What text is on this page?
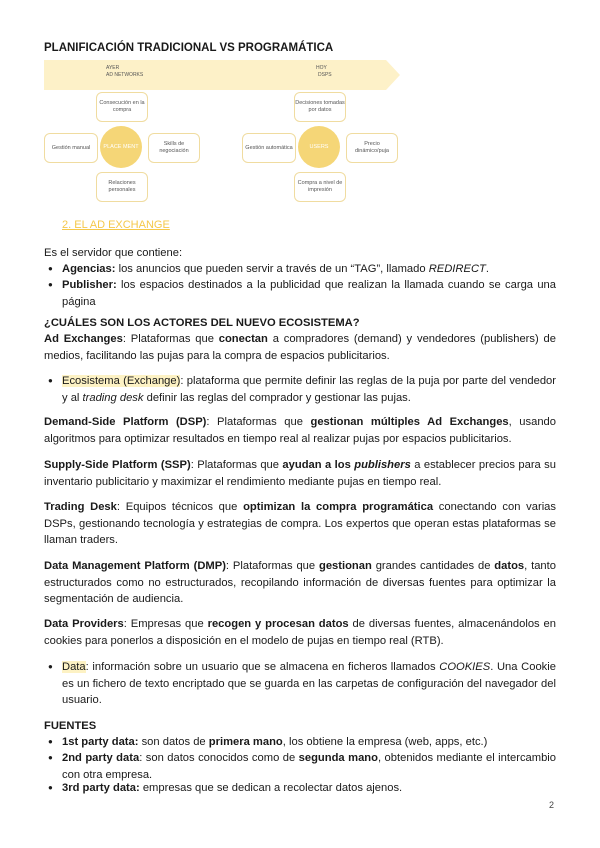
PLANIFICACIÓN TRADICIONAL VS PROGRAMÁTICA
AYER
AD NETWORKS
HOY
DSPS
Consecución en la compra
Gestión manual	PLACE MENT	Skills de negociación
Relaciones personales
Decisiones tomadas por datos
Gestión automática	USERS	Precio dinámico/puja
Compra a nivel de impresión
2. EL AD EXCHANGE
Es el servidor que contiene:
● Agencias: los anuncios que pueden servir a través de un “TAG”, llamado REDIRECT.
● Publisher: los espacios destinados a la publicidad que realizan la llamada cuando se carga una página
¿CUÁLES SON LOS ACTORES DEL NUEVO ECOSISTEMA?
Ad Exchanges: Plataformas que conectan a compradores (demand) y vendedores (publishers) de medios, facilitando las pujas para la compra de espacios publicitarios.
● Ecosistema (Exchange): plataforma que permite definir las reglas de la puja por parte del vendedor y al trading desk definir las reglas del comprador y gestionar las pujas.
Demand-Side Platform (DSP): Plataformas que gestionan múltiples Ad Exchanges, usando algoritmos para optimizar resultados en tiempo real al realizar pujas por espacios publicitarios.
Supply-Side Platform (SSP): Plataformas que ayudan a los publishers a establecer precios para su inventario publicitario y maximizar el rendimiento mediante pujas en tiempo real.
Trading Desk: Equipos técnicos que optimizan la compra programática conectando con varias DSPs, gestionando tecnología y estrategias de compra. Los expertos que operan estas plataformas se llaman traders.
Data Management Platform (DMP): Plataformas que gestionan grandes cantidades de datos, tanto estructurados como no estructurados, recopilando información de diversas fuentes para optimizar la segmentación de audiencia.
Data Providers: Empresas que recogen y procesan datos de diversas fuentes, almacenándolos en cookies para ponerlos a disposición en el modelo de pujas en tiempo real (RTB).
● Data: información sobre un usuario que se almacena en ficheros llamados COOKIES. Una Cookie es un fichero de texto encriptado que se guarda en las carpetas de configuración del navegador del usuario.
FUENTES
● 1st party data: son datos de primera mano, los obtiene la empresa (web, apps, etc.)
● 2nd party data: son datos conocidos como de segunda mano, obtenidos mediante el intercambio con otra empresa.
● 3rd party data: empresas que se dedican a recolectar datos ajenos.
2
